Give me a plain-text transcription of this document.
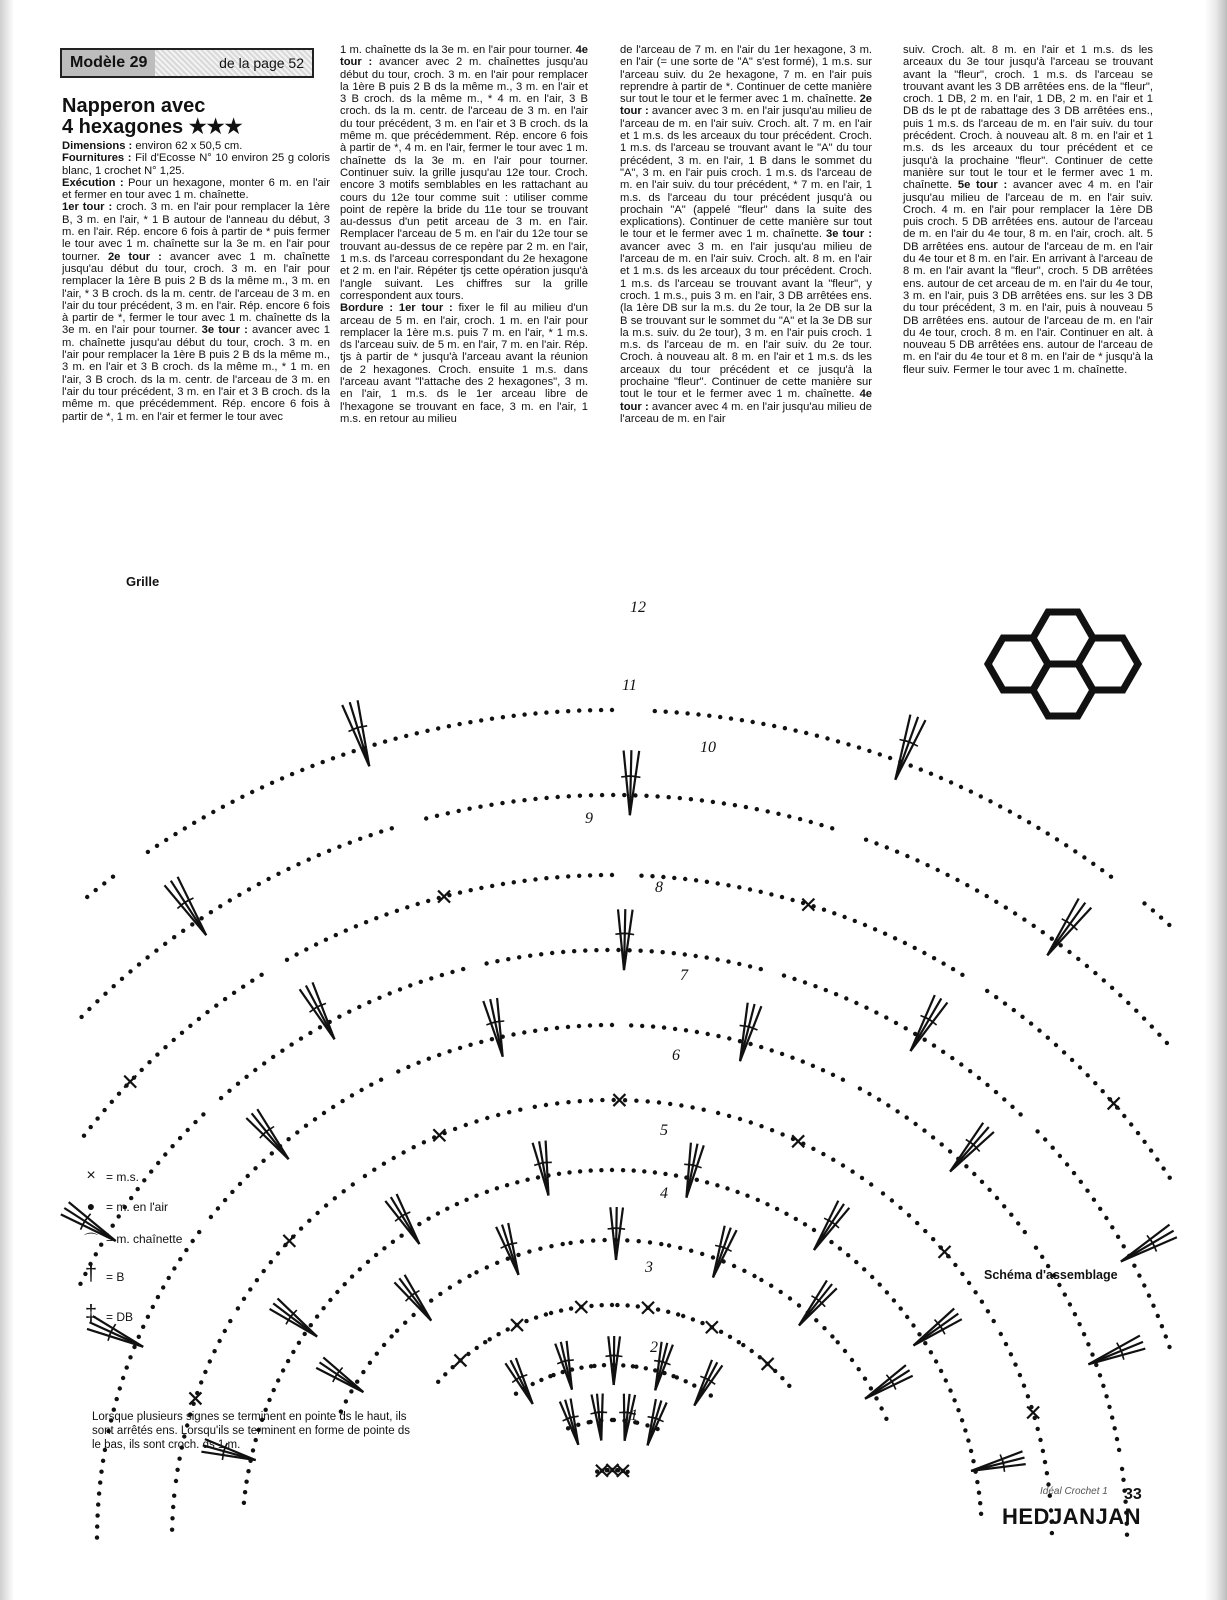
Modèle 29	de la page 52
Napperon avec
4 hexagones ★★★
Dimensions : environ 62 x 50,5 cm.
Fournitures : Fil d'Ecosse N° 10 environ 25 g coloris blanc, 1 crochet N° 1,25.
Exécution : Pour un hexagone, monter 6 m. en l'air et fermer en tour avec 1 m. chaînette.
1er tour : croch. 3 m. en l'air pour remplacer la 1ère B, 3 m. en l'air, * 1 B autour de l'anneau du début, 3 m. en l'air. Rép. encore 6 fois à partir de * puis fermer le tour avec 1 m. chaînette sur la 3e m. en l'air pour tourner. 2e tour : avancer avec 1 m. chaînette jusqu'au début du tour, croch. 3 m. en l'air pour remplacer la 1ère B puis 2 B ds la même m., 3 m. en l'air, * 3 B croch. ds la m. centr. de l'arceau de 3 m. en l'air du tour précédent, 3 m. en l'air. Rép. encore 6 fois à partir de *, fermer le tour avec 1 m. chaînette ds la 3e m. en l'air pour tourner. 3e tour : avancer avec 1 m. chaînette jusqu'au début du tour, croch. 3 m. en l'air pour remplacer la 1ère B puis 2 B ds la même m., 3 m. en l'air et 3 B croch. ds la même m., * 1 m. en l'air, 3 B croch. ds la m. centr. de l'arceau de 3 m. en l'air du tour précédent, 3 m. en l'air et 3 B croch. ds la même m. que précédemment. Rép. encore 6 fois à partir de *, 1 m. en l'air et fermer le tour avec
1 m. chaînette ds la 3e m. en l'air pour tourner. 4e tour : avancer avec 2 m. chaînettes jusqu'au début du tour, croch. 3 m. en l'air pour remplacer la 1ère B puis 2 B ds la même m., 3 m. en l'air et 3 B croch. ds la même m., * 4 m. en l'air, 3 B croch. ds la m. centr. de l'arceau de 3 m. en l'air du tour précédent, 3 m. en l'air et 3 B croch. ds la même m. que précédemment. Rép. encore 6 fois à partir de *, 4 m. en l'air, fermer le tour avec 1 m. chaînette ds la 3e m. en l'air pour tourner. Continuer suiv. la grille jusqu'au 12e tour. Croch. encore 3 motifs semblables en les rattachant au cours du 12e tour comme suit : utiliser comme point de repère la bride du 11e tour se trouvant au-dessus d'un petit arceau de 3 m. en l'air. Remplacer l'arceau de 5 m. en l'air du 12e tour se trouvant au-dessus de ce repère par 2 m. en l'air, 1 m.s. ds l'arceau correspondant du 2e hexagone et 2 m. en l'air. Répéter tjs cette opération jusqu'à l'angle suivant. Les chiffres sur la grille correspondent aux tours.
Bordure : 1er tour : fixer le fil au milieu d'un arceau de 5 m. en l'air, croch. 1 m. en l'air pour remplacer la 1ère m.s. puis 7 m. en l'air, * 1 m.s. ds l'arceau suiv. de 5 m. en l'air, 7 m. en l'air. Rép. tjs à partir de * jusqu'à l'arceau avant la réunion de 2 hexagones. Croch. ensuite 1 m.s. dans l'arceau avant "l'attache des 2 hexagones", 3 m. en l'air, 1 m.s. ds le 1er arceau libre de l'hexagone se trouvant en face, 3 m. en l'air, 1 m.s. en retour au milieu
de l'arceau de 7 m. en l'air du 1er hexagone, 3 m. en l'air (= une sorte de "A" s'est formé), 1 m.s. sur l'arceau suiv. du 2e hexagone, 7 m. en l'air puis reprendre à partir de *. Continuer de cette manière sur tout le tour et le fermer avec 1 m. chaînette. 2e tour : avancer avec 3 m. en l'air jusqu'au milieu de l'arceau de m. en l'air suiv. Croch. alt. 7 m. en l'air et 1 m.s. ds les arceaux du tour précédent. Croch. 1 m.s. ds l'arceau se trouvant avant le "A" du tour précédent, 3 m. en l'air, 1 B dans le sommet du "A", 3 m. en l'air puis croch. 1 m.s. ds l'arceau de m. en l'air suiv. du tour précédent, * 7 m. en l'air, 1 m.s. ds l'arceau du tour précédent jusqu'à ou prochain "A" (appelé "fleur" dans la suite des explications). Continuer de cette manière sur tout le tour et le fermer avec 1 m. chaînette. 3e tour : avancer avec 3 m. en l'air jusqu'au milieu de l'arceau de m. en l'air suiv. Croch. alt. 8 m. en l'air et 1 m.s. ds les arceaux du tour précédent. Croch. 1 m.s. ds l'arceau se trouvant avant la "fleur", y croch. 1 m.s., puis 3 m. en l'air, 3 DB arrêtées ens. (la 1ère DB sur la m.s. du 2e tour, la 2e DB sur la B se trouvant sur le sommet du "A" et la 3e DB sur la m.s. suiv. du 2e tour), 3 m. en l'air puis croch. 1 m.s. ds l'arceau de m. en l'air suiv. du 2e tour. Croch. à nouveau alt. 8 m. en l'air et 1 m.s. ds les arceaux du tour précédent et ce jusqu'à la prochaine "fleur". Continuer de cette manière sur tout le tour et le fermer avec 1 m. chaînette. 4e tour : avancer avec 4 m. en l'air jusqu'au milieu de l'arceau de m. en l'air
suiv. Croch. alt. 8 m. en l'air et 1 m.s. ds les arceaux du 3e tour jusqu'à l'arceau se trouvant avant la "fleur", croch. 1 m.s. ds l'arceau se trouvant avant les 3 DB arrêtées ens. de la "fleur", croch. 1 DB, 2 m. en l'air, 1 DB, 2 m. en l'air et 1 DB ds le pt de rabattage des 3 DB arrêtées ens., puis 1 m.s. ds l'arceau de m. en l'air suiv. du tour précédent. Croch. à nouveau alt. 8 m. en l'air et 1 m.s. ds les arceaux du tour précédent et ce jusqu'à la prochaine "fleur". Continuer de cette manière sur tout le tour et le fermer avec 1 m. chaînette. 5e tour : avancer avec 4 m. en l'air jusqu'au milieu de l'arceau de m. en l'air suiv. Croch. 4 m. en l'air pour remplacer la 1ère DB puis croch. 5 DB arrêtées ens. autour de l'arceau de m. en l'air du 4e tour, 8 m. en l'air, croch. alt. 5 DB arrêtées ens. autour de l'arceau de m. en l'air du 4e tour et 8 m. en l'air. En arrivant à l'arceau de 8 m. en l'air avant la "fleur", croch. 5 DB arrêtées ens. autour de cet arceau de m. en l'air du 4e tour, 3 m. en l'air, puis 3 DB arrêtées ens. sur les 3 DB du tour précédent, 3 m. en l'air, puis à nouveau 5 DB arrêtées ens. autour de l'arceau de m. en l'air du 4e tour, croch. 8 m. en l'air. Continuer en alt. à nouveau 5 DB arrêtées ens. autour de l'arceau de m. en l'air du 4e tour et 8 m. en l'air de * jusqu'à la fleur suiv. Fermer le tour avec 1 m. chaînette.
1
2
3
4
5
6
7
8
9
10
11
12
Grille
Schéma d'assemblage
× = m.s.
● = m. en l'air
⌒ = m. chaînette
† = B
‡ = DB
Lorsque plusieurs signes se terminent en pointe ds le haut, ils sont arrêtés ens. Lorsqu'ils se terminent en forme de pointe ds le bas, ils sont croch. ds 1 m.
Idéal Crochet 1 33
HEDJANJAN
